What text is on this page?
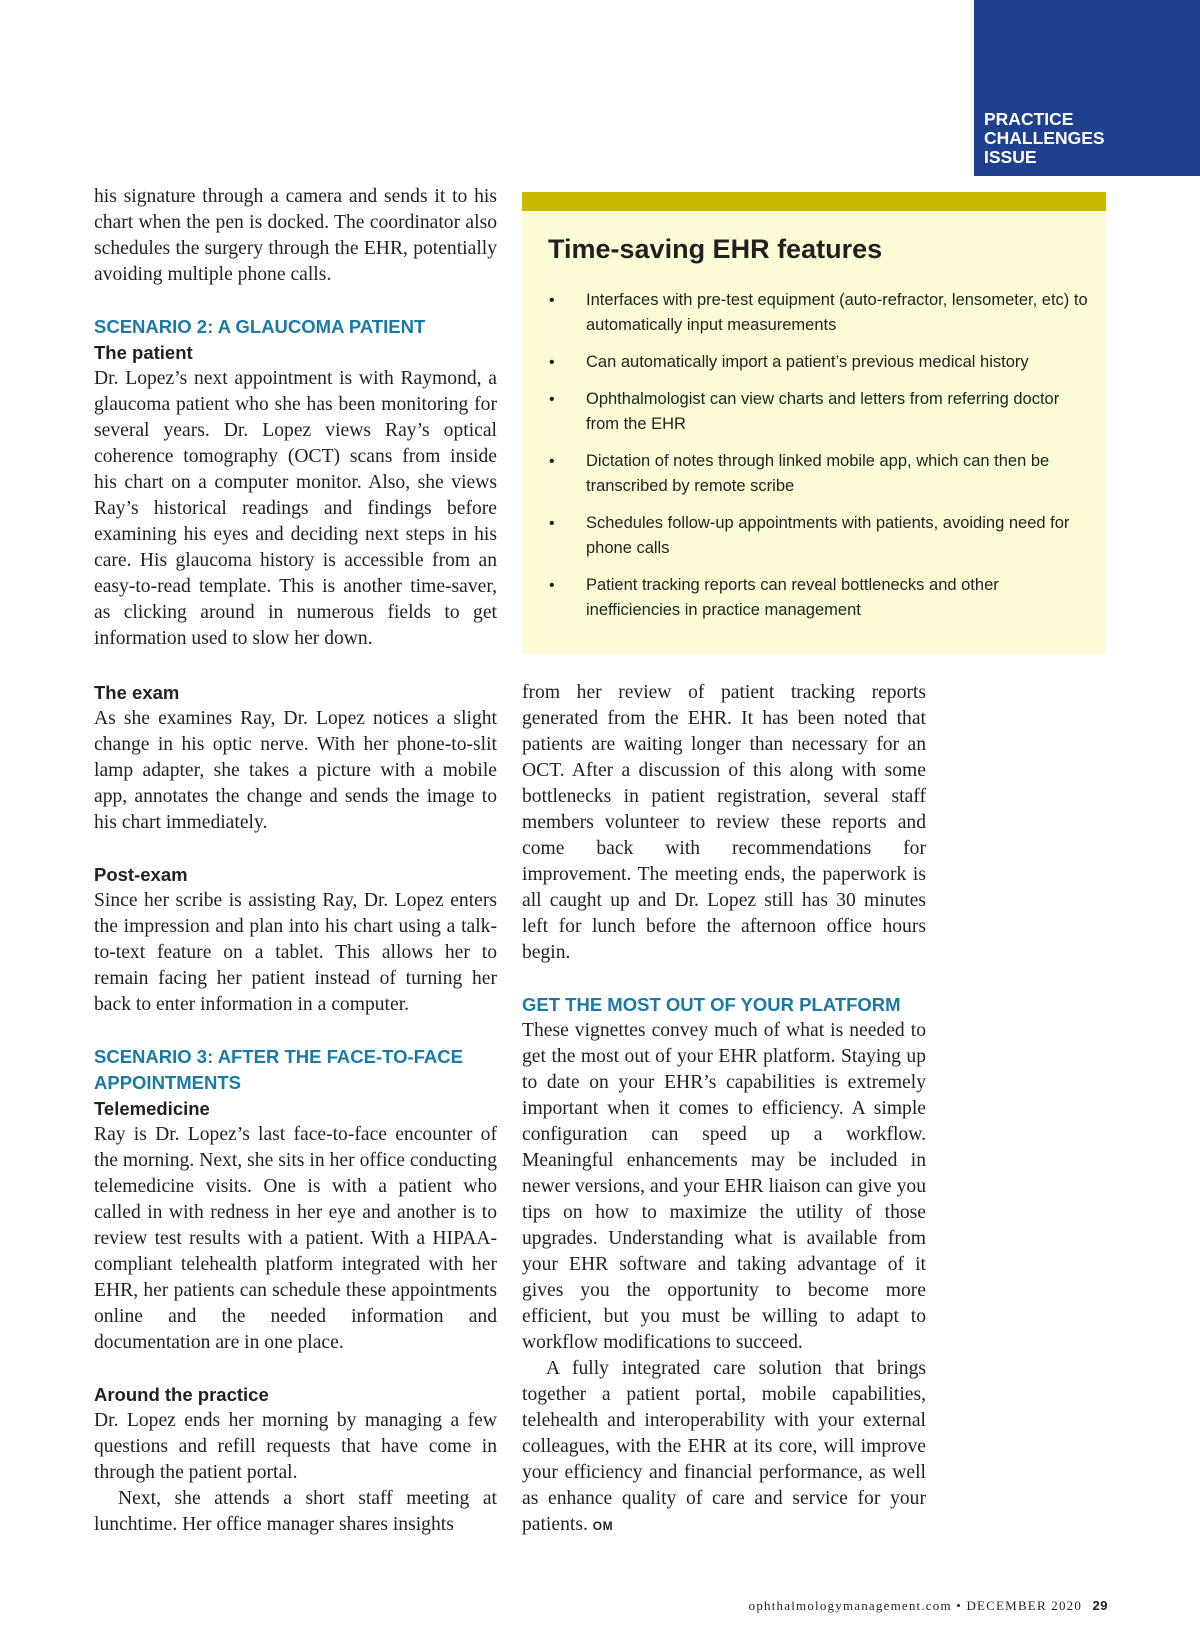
PRACTICE
CHALLENGES
ISSUE

his signature through a camera and sends it to his chart when the pen is docked. The coordinator also schedules the surgery through the EHR, potentially avoiding multiple phone calls.

SCENARIO 2: A GLAUCOMA PATIENT
The patient

Dr. Lopez’s next appointment is with Raymond, a glaucoma patient who she has been monitoring for several years. Dr. Lopez views Ray’s optical coherence tomography (OCT) scans from inside his chart on a computer monitor. Also, she views Ray’s historical readings and findings before examining his eyes and deciding next steps in his care. His glaucoma history is accessible from an easy-to-read template. This is another time-saver, as clicking around in numerous fields to get information used to slow her down.

Time-saving EHR features
• Interfaces with pre-test equipment (auto-refractor, lensometer, etc) to automatically input measurements
• Can automatically import a patient’s previous medical history
• Ophthalmologist can view charts and letters from referring doctor from the EHR
• Dictation of notes through linked mobile app, which can then be transcribed by remote scribe
• Schedules follow-up appointments with patients, avoiding need for phone calls
• Patient tracking reports can reveal bottlenecks and other inefficiencies in practice management
The exam

As she examines Ray, Dr. Lopez notices a slight change in his optic nerve. With her phone-to-slit lamp adapter, she takes a picture with a mobile app, annotates the change and sends the image to his chart immediately.

Post-exam

Since her scribe is assisting Ray, Dr. Lopez enters the impression and plan into his chart using a talk-to-text feature on a tablet. This allows her to remain facing her patient instead of turning her back to enter information in a computer.

SCENARIO 3: AFTER THE FACE-TO-FACE
APPOINTMENTS
Telemedicine

Ray is Dr. Lopez’s last face-to-face encounter of the morning. Next, she sits in her office conducting telemedicine visits. One is with a patient who called in with redness in her eye and another is to review test results with a patient. With a HIPAA-compliant telehealth platform integrated with her EHR, her patients can schedule these appointments online and the needed information and documentation are in one place.

Around the practice

Dr. Lopez ends her morning by managing a few questions and refill requests that have come in through the patient portal.

Next, she attends a short staff meeting at lunchtime. Her office manager shares insights

from her review of patient tracking reports generated from the EHR. It has been noted that patients are waiting longer than necessary for an OCT. After a discussion of this along with some bottlenecks in patient registration, several staff members volunteer to review these reports and come back with recommendations for improvement. The meeting ends, the paperwork is all caught up and Dr. Lopez still has 30 minutes left for lunch before the afternoon office hours begin.

GET THE MOST OUT OF YOUR PLATFORM

These vignettes convey much of what is needed to get the most out of your EHR platform. Staying up to date on your EHR’s capabilities is extremely important when it comes to efficiency. A simple configuration can speed up a workflow. Meaningful enhancements may be included in newer versions, and your EHR liaison can give you tips on how to maximize the utility of those upgrades. Understanding what is available from your EHR software and taking advantage of it gives you the opportunity to become more efficient, but you must be willing to adapt to workflow modifications to succeed.

A fully integrated care solution that brings together a patient portal, mobile capabilities, telehealth and interoperability with your external colleagues, with the EHR at its core, will improve your efficiency and financial performance, as well as enhance quality of care and service for your patients. OM

ophthalmologymanagement.com • DECEMBER 2020 29
